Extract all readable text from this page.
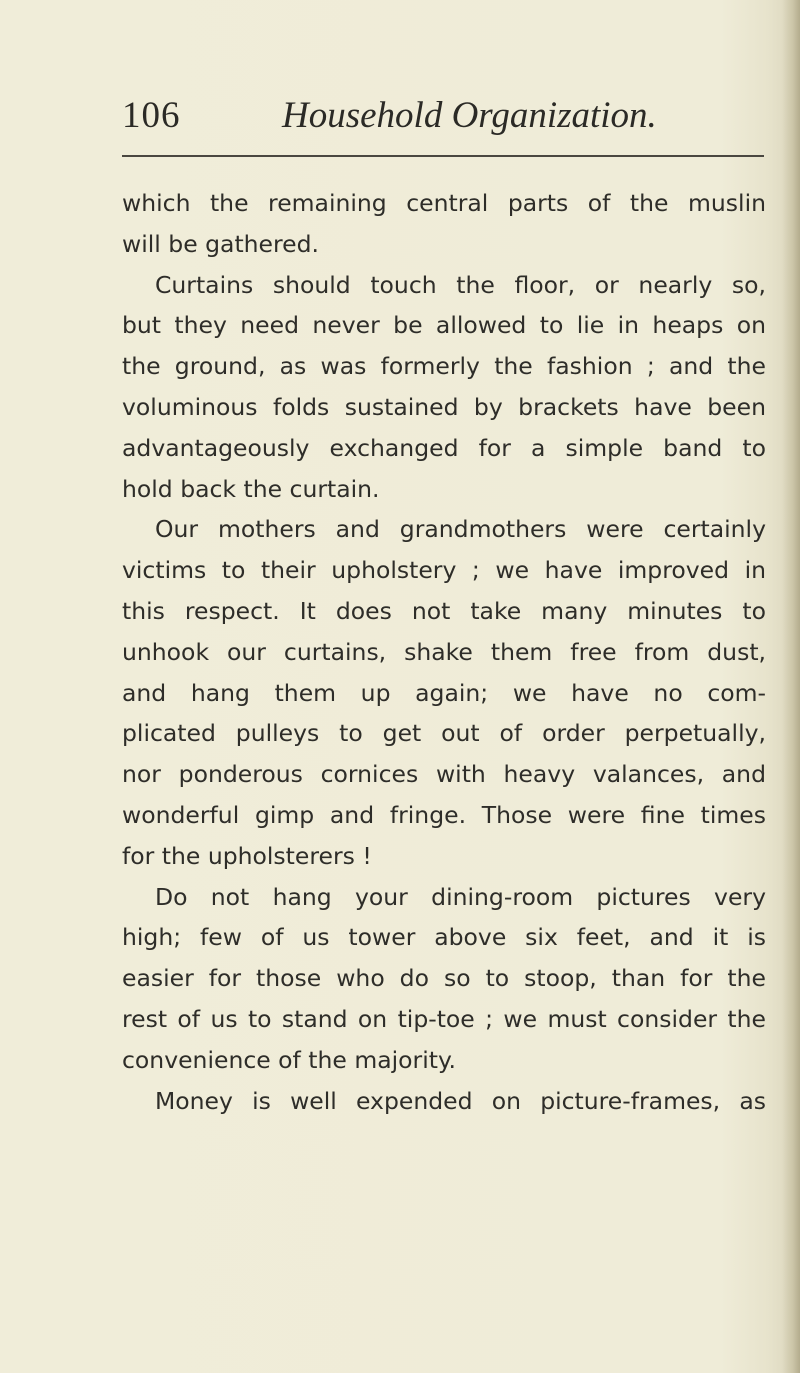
106	Household Organization.
which the remaining central parts of the muslin
will be gathered.
Curtains should touch the floor, or nearly so,
but they need never be allowed to lie in heaps on
the ground, as was formerly the fashion ; and the
voluminous folds sustained by brackets have been
advantageously exchanged for a simple band to
hold back the curtain.
Our mothers and grandmothers were certainly
victims to their upholstery ; we have improved in
this respect. It does not take many minutes to
unhook our curtains, shake them free from dust,
and hang them up again; we have no com-
plicated pulleys to get out of order perpetually,
nor ponderous cornices with heavy valances, and
wonderful gimp and fringe. Those were fine times
for the upholsterers !
Do not hang your dining-room pictures very
high; few of us tower above six feet, and it is
easier for those who do so to stoop, than for the
rest of us to stand on tip-toe ; we must consider the
convenience of the majority.
Money is well expended on picture-frames, as
